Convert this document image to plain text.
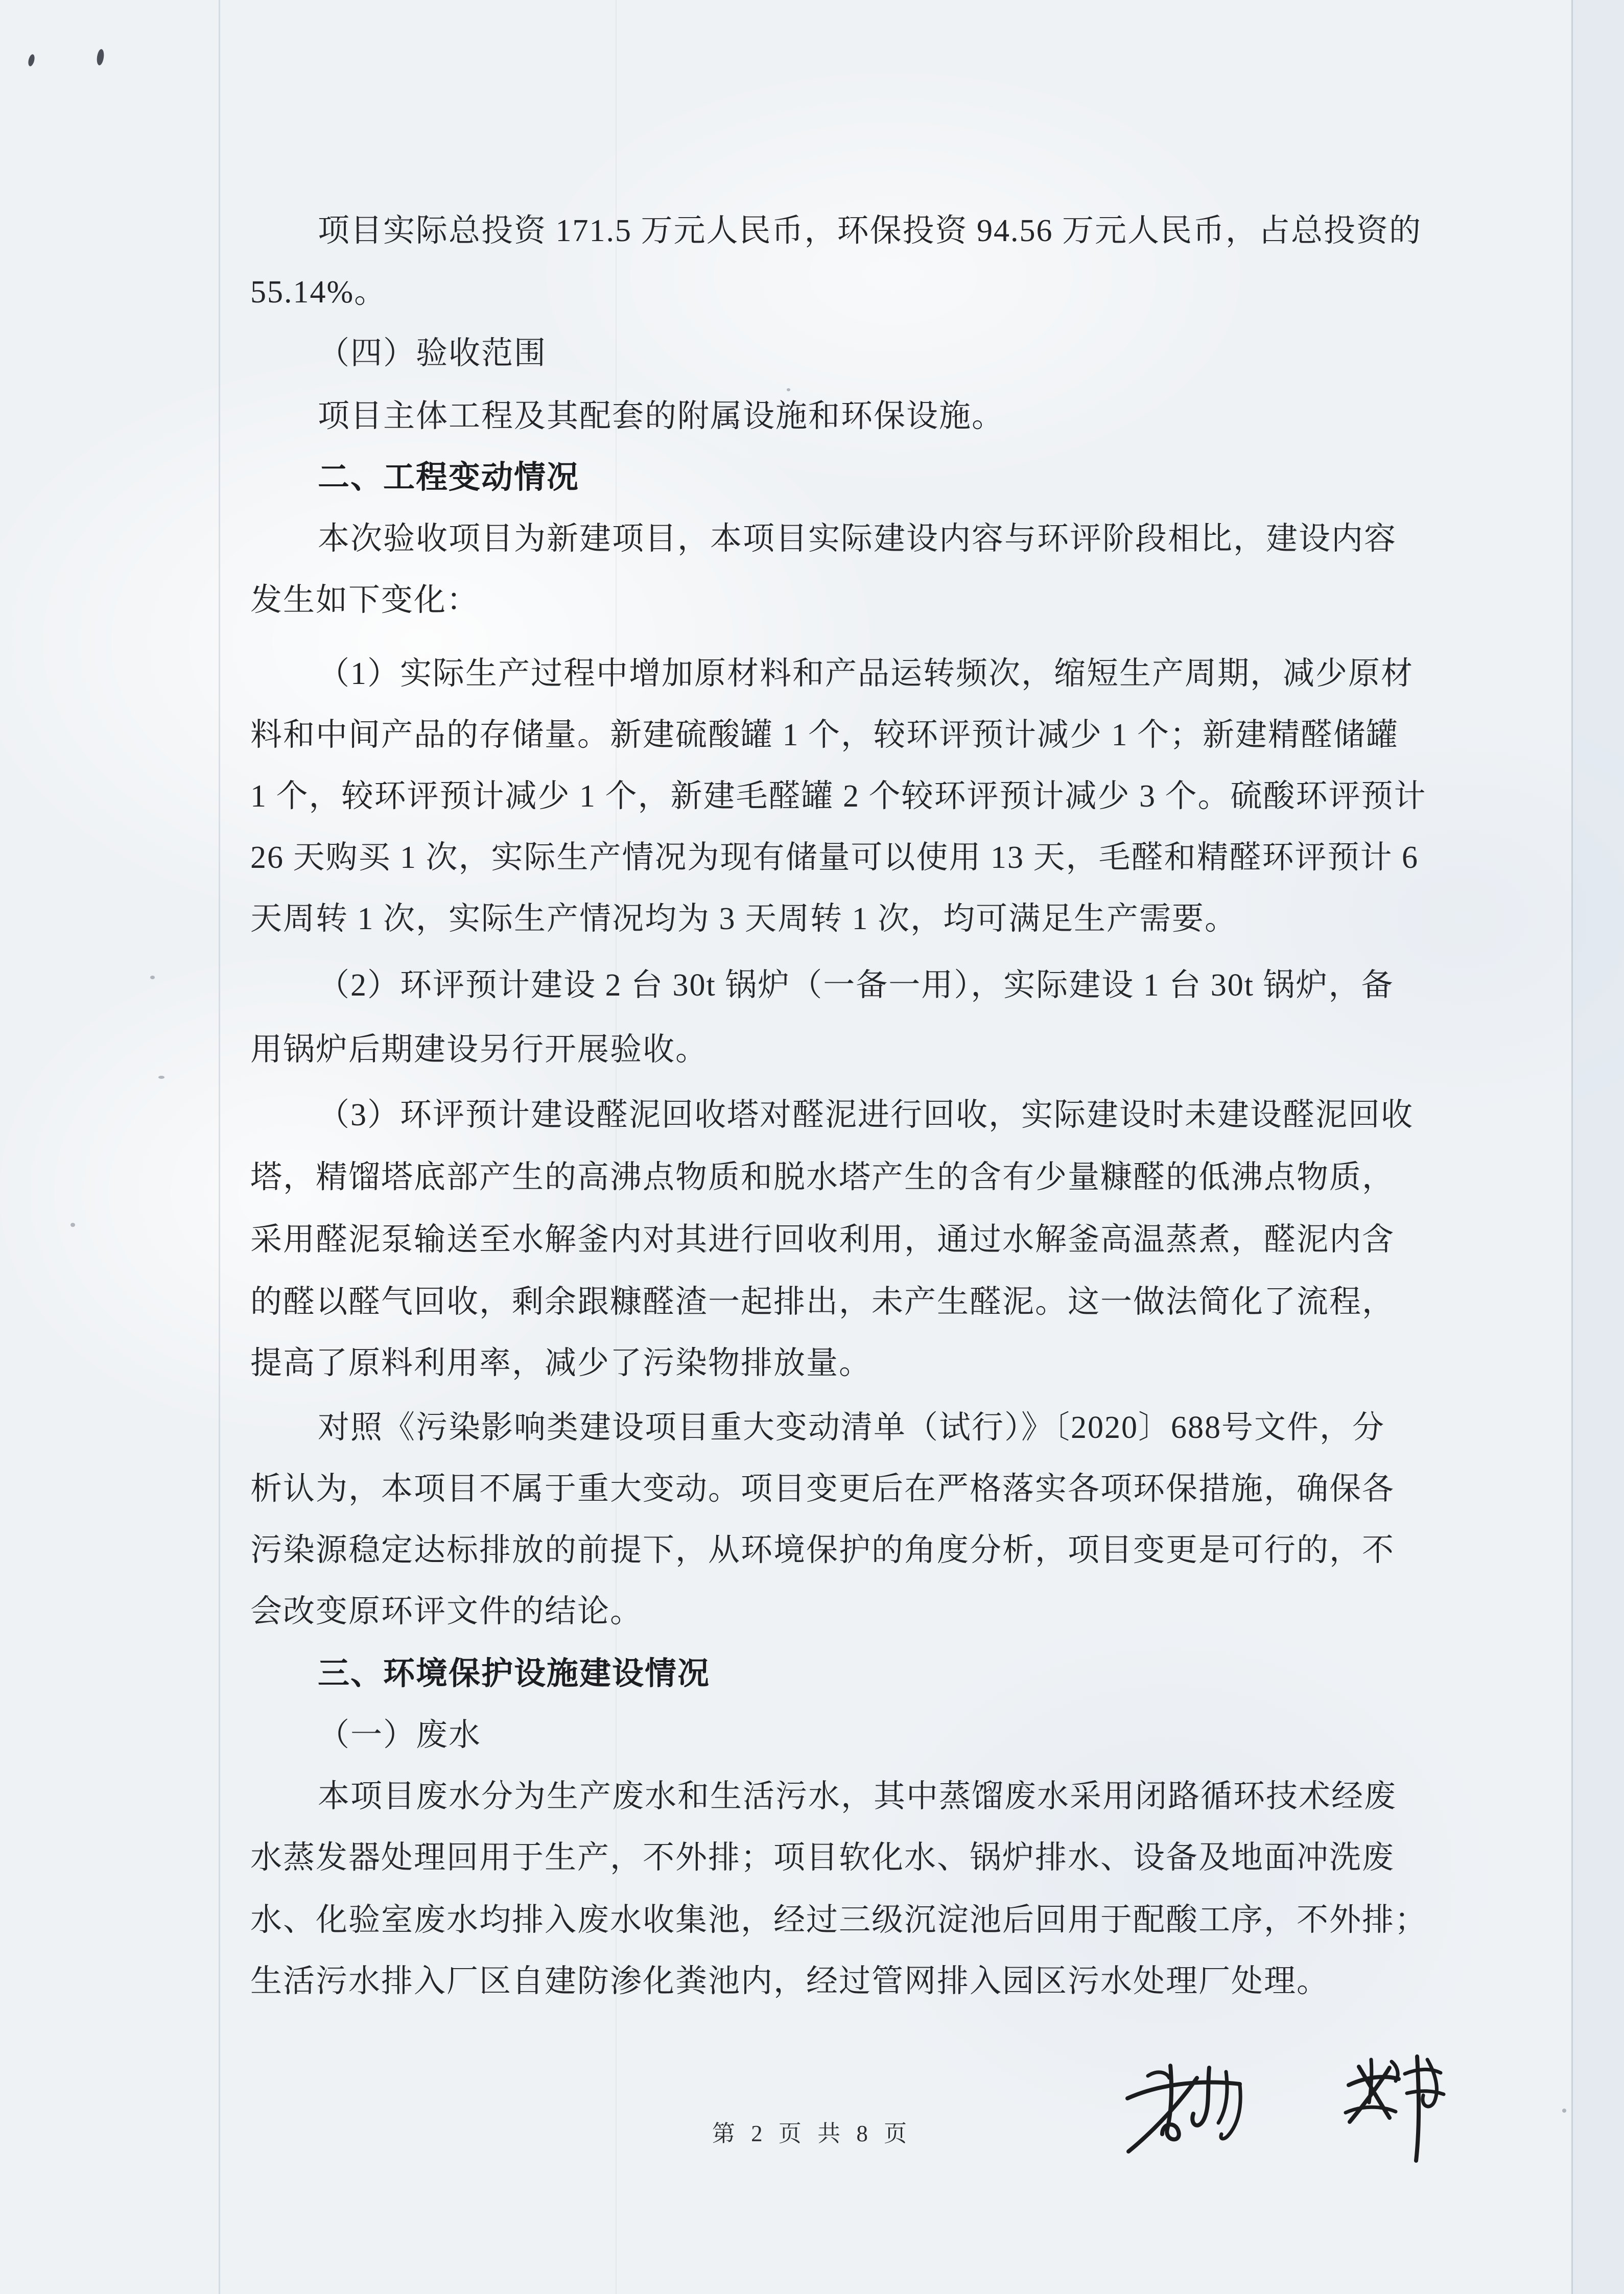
项目实际总投资 171.5 万元人民币，环保投资 94.56 万元人民币，占总投资的
55.14%。
（四）验收范围
项目主体工程及其配套的附属设施和环保设施。
二、工程变动情况
本次验收项目为新建项目，本项目实际建设内容与环评阶段相比，建设内容
发生如下变化：
（1）实际生产过程中增加原材料和产品运转频次，缩短生产周期，减少原材
料和中间产品的存储量。新建硫酸罐 1 个，较环评预计减少 1 个；新建精醛储罐
1 个，较环评预计减少 1 个，新建毛醛罐 2 个较环评预计减少 3 个。硫酸环评预计
26 天购买 1 次，实际生产情况为现有储量可以使用 13 天，毛醛和精醛环评预计 6
天周转 1 次，实际生产情况均为 3 天周转 1 次，均可满足生产需要。
（2）环评预计建设 2 台 30t 锅炉（一备一用），实际建设 1 台 30t 锅炉，备
用锅炉后期建设另行开展验收。
（3）环评预计建设醛泥回收塔对醛泥进行回收，实际建设时未建设醛泥回收
塔，精馏塔底部产生的高沸点物质和脱水塔产生的含有少量糠醛的低沸点物质，
采用醛泥泵输送至水解釜内对其进行回收利用，通过水解釜高温蒸煮，醛泥内含
的醛以醛气回收，剩余跟糠醛渣一起排出，未产生醛泥。这一做法简化了流程，
提高了原料利用率，减少了污染物排放量。
对照《污染影响类建设项目重大变动清单（试行）》〔2020〕688号文件，分
析认为，本项目不属于重大变动。项目变更后在严格落实各项环保措施，确保各
污染源稳定达标排放的前提下，从环境保护的角度分析，项目变更是可行的，不
会改变原环评文件的结论。
三、环境保护设施建设情况
（一）废水
本项目废水分为生产废水和生活污水，其中蒸馏废水采用闭路循环技术经废
水蒸发器处理回用于生产，不外排；项目软化水、锅炉排水、设备及地面冲洗废
水、化验室废水均排入废水收集池，经过三级沉淀池后回用于配酸工序，不外排；
生活污水排入厂区自建防渗化粪池内，经过管网排入园区污水处理厂处理。
第 2 页 共 8 页
